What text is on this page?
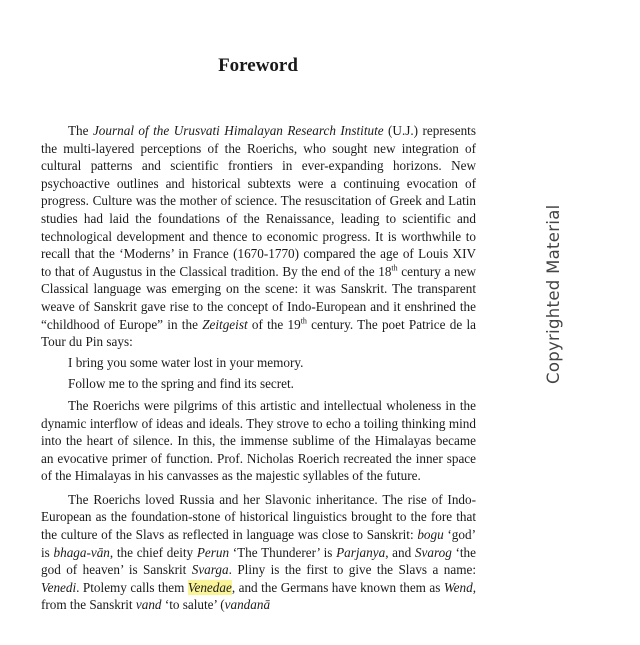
Foreword

The Journal of the Urusvati Himalayan Research Institute (U.J.) represents the multi-layered perceptions of the Roerichs, who sought new integration of cultural patterns and scientific frontiers in ever-expanding horizons. New psychoactive outlines and historical subtexts were a continuing evocation of progress. Culture was the mother of science. The resuscitation of Greek and Latin studies had laid the foundations of the Renaissance, leading to scientific and technological development and thence to economic progress. It is worthwhile to recall that the ‘Moderns’ in France (1670-1770) compared the age of Louis XIV to that of Augustus in the Classical tradition. By the end of the 18th century a new Classical language was emerging on the scene: it was Sanskrit. The transparent weave of Sanskrit gave rise to the concept of Indo-European and it enshrined the “childhood of Europe” in the Zeitgeist of the 19th century. The poet Patrice de la Tour du Pin says:

I bring you some water lost in your memory.

Follow me to the spring and find its secret.

The Roerichs were pilgrims of this artistic and intellectual wholeness in the dynamic interflow of ideas and ideals. They strove to echo a toiling thinking mind into the heart of silence. In this, the immense sublime of the Himalayas became an evocative primer of function. Prof. Nicholas Roerich recreated the inner space of the Himalayas in his canvasses as the majestic syllables of the future.

The Roerichs loved Russia and her Slavonic inheritance. The rise of Indo-European as the foundation-stone of historical linguistics brought to the fore that the culture of the Slavs as reflected in language was close to Sanskrit: bogu ‘god’ is bhaga-vān, the chief deity Perun ‘The Thunderer’ is Parjanya, and Svarog ‘the god of heaven’ is Sanskrit Svarga. Pliny is the first to give the Slavs a name: Venedi. Ptolemy calls them Venedae, and the Germans have known them as Wend, from the Sanskrit vand ‘to salute’ (vandanā

Copyrighted Material
